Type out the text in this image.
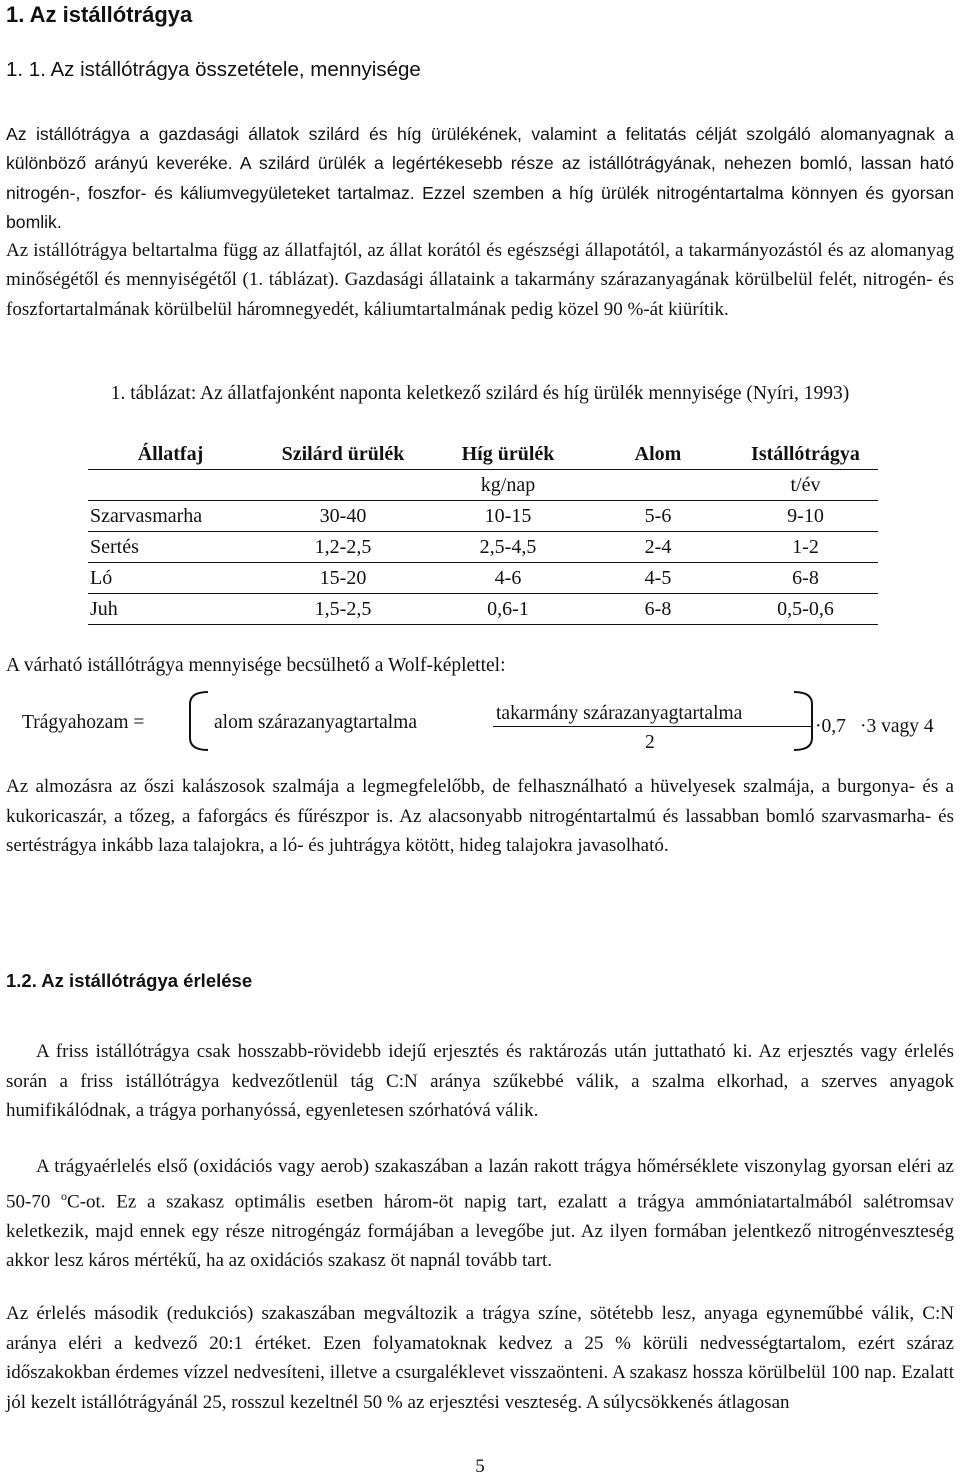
1. Az istállótrágya
1. 1. Az istállótrágya összetétele, mennyisége

Az istállótrágya a gazdasági állatok szilárd és híg ürülékének, valamint a felitatás célját szolgáló alomanyagnak a különböző arányú keveréke. A szilárd ürülék a legértékesebb része az istállótrágyának, nehezen bomló, lassan ható nitrogén-, foszfor- és káliumvegyületeket tartalmaz. Ezzel szemben a híg ürülék nitrogéntartalma könnyen és gyorsan bomlik.

Az istállótrágya beltartalma függ az állatfajtól, az állat korától és egészségi állapotától, a takarmányozástól és az alomanyag minőségétől és mennyiségétől (1. táblázat). Gazdasági állataink a takarmány szárazanyagának körülbelül felét, nitrogén- és foszfortartalmának körülbelül háromnegyedét, káliumtartalmának pedig közel 90 %-át kiürítik.

1. táblázat: Az állatfajonként naponta keletkező szilárd és híg ürülék mennyisége (Nyíri, 1993)

Állatfaj	Szilárd ürülék	Híg ürülék	Alom	Istállótrágya
		kg/nap		t/év
Szarvasmarha	30-40	10-15	5-6	9-10
Sertés	1,2-2,5	2,5-4,5	2-4	1-2
Ló	15-20	4-6	4-5	6-8
Juh	1,5-2,5	0,6-1	6-8	0,5-0,6

A várható istállótrágya mennyisége becsülhető a Wolf-képlettel:

Trágyahozam =	alom szárazanyagtartalma	takarmány szárazanyagtartalma
2
·0,7 ·3 vagy 4

Az almozásra az őszi kalászosok szalmája a legmegfelelőbb, de felhasználható a hüvelyesek szalmája, a burgonya- és a kukoricaszár, a tőzeg, a faforgács és fűrészpor is. Az alacsonyabb nitrogéntartalmú és lassabban bomló szarvasmarha- és sertéstrágya inkább laza talajokra, a ló- és juhtrágya kötött, hideg talajokra javasolható.

1.2. Az istállótrágya érlelése

A friss istállótrágya csak hosszabb-rövidebb idejű erjesztés és raktározás után juttatható ki. Az erjesztés vagy érlelés során a friss istállótrágya kedvezőtlenül tág C:N aránya szűkebbé válik, a szalma elkorhad, a szerves anyagok humifikálódnak, a trágya porhanyóssá, egyenletesen szórhatóvá válik.

A trágyaérlelés első (oxidációs vagy aerob) szakaszában a lazán rakott trágya hőmérséklete viszonylag gyorsan eléri az 50-70 $^o$C-ot. Ez a szakasz optimális esetben három-öt napig tart, ezalatt a trágya ammóniatartalmából salétromsav keletkezik, majd ennek egy része nitrogéngáz formájában a levegőbe jut. Az ilyen formában jelentkező nitrogénveszteség akkor lesz káros mértékű, ha az oxidációs szakasz öt napnál tovább tart.

Az érlelés második (redukciós) szakaszában megváltozik a trágya színe, sötétebb lesz, anyaga egyneműbbé válik, C:N aránya eléri a kedvező 20:1 értéket. Ezen folyamatoknak kedvez a 25 % körüli nedvességtartalom, ezért száraz időszakokban érdemes vízzel nedvesíteni, illetve a csurgaléklevet visszaönteni. A szakasz hossza körülbelül 100 nap. Ezalatt jól kezelt istállótrágyánál 25, rosszul kezeltnél 50 % az erjesztési veszteség. A súlycsökkenés átlagosan

5
